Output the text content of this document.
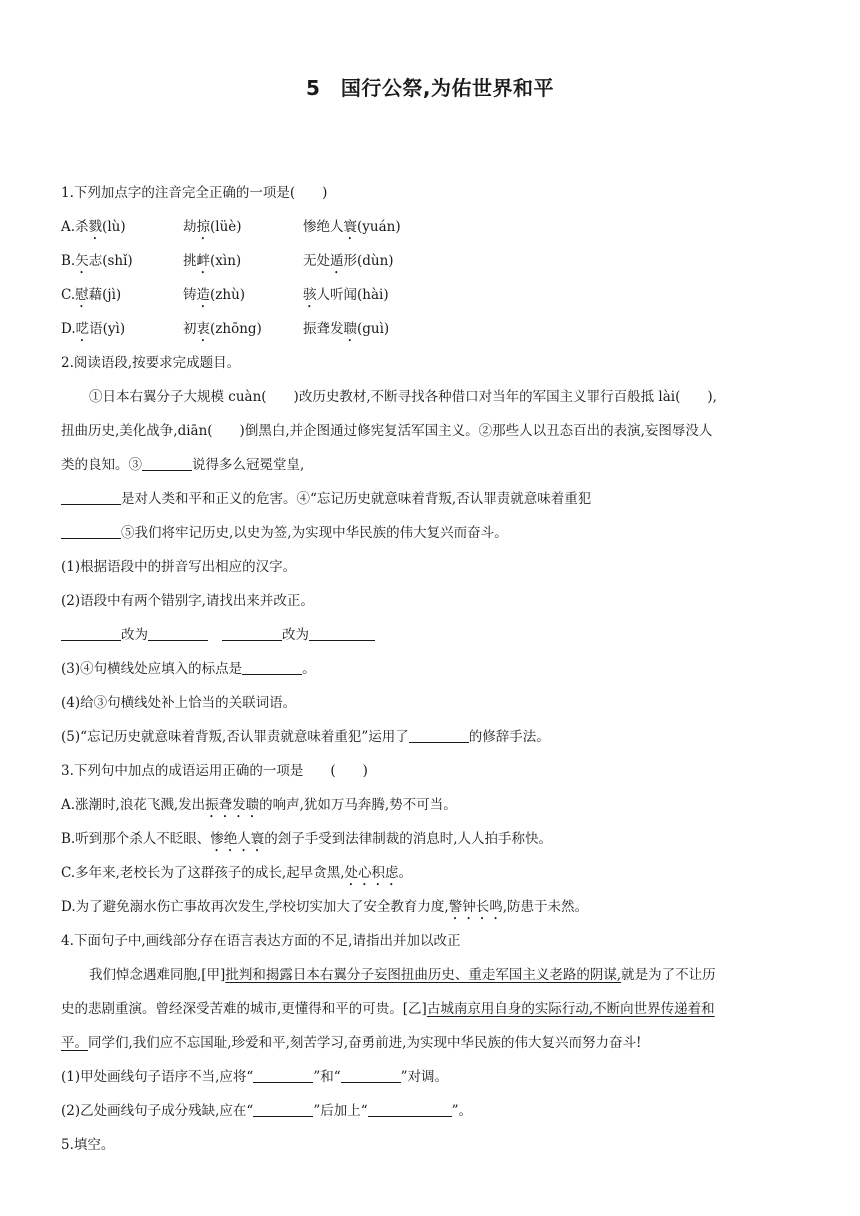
5　国行公祭,为佑世界和平
1.下列加点字的注音完全正确的一项是(　　)
A.杀戮(lù)	劫掠(lüè)	惨绝人寰(yuán)
B.矢志(shǐ)	挑衅(xìn)	无处遁形(dùn)
C.慰藉(jì)	铸造(zhù)	骇人听闻(hài)
D.呓语(yì)	初衷(zhōng)	振聋发聩(guì)
2.阅读语段,按要求完成题目。
①日本右翼分子大规模 cuàn(　　)改历史教材,不断寻找各种借口对当年的军国主义罪行百般抵 lài(　　),
扭曲历史,美化战争,diān(　　)倒黑白,并企图通过修宪复活军国主义。②那些人以丑态百出的表演,妄图辱没人
类的良知。③	说得多么冠冕堂皇,
是对人类和平和正义的危害。④“忘记历史就意味着背叛,否认罪责就意味着重犯
⑤我们将牢记历史,以史为签,为实现中华民族的伟大复兴而奋斗。
(1)根据语段中的拼音写出相应的汉字。
(2)语段中有两个错别字,请找出来并改正。
改为	改为
(3)④句横线处应填入的标点是	。
(4)给③句横线处补上恰当的关联词语。
(5)“忘记历史就意味着背叛,否认罪责就意味着重犯”运用了	的修辞手法。
3.下列句中加点的成语运用正确的一项是　　(　　)
A.涨潮时,浪花飞溅,发出振聋发聩的响声,犹如万马奔腾,势不可当。
B.听到那个杀人不眨眼、惨绝人寰的刽子手受到法律制裁的消息时,人人拍手称快。
C.多年来,老校长为了这群孩子的成长,起早贪黑,处心积虑。
D.为了避免溺水伤亡事故再次发生,学校切实加大了安全教育力度,警钟长鸣,防患于未然。
4.下面句子中,画线部分存在语言表达方面的不足,请指出并加以改正
我们悼念遇难同胞,[甲]批判和揭露日本右翼分子妄图扭曲历史、重走军国主义老路的阴谋,就是为了不让历
史的悲剧重演。曾经深受苦难的城市,更懂得和平的可贵。[乙]古城南京用自身的实际行动,不断向世界传递着和
平。同学们,我们应不忘国耻,珍爱和平,刻苦学习,奋勇前进,为实现中华民族的伟大复兴而努力奋斗!
(1)甲处画线句子语序不当,应将“	”和“	”对调。
(2)乙处画线句子成分残缺,应在“	”后加上“	”。
5.填空。
